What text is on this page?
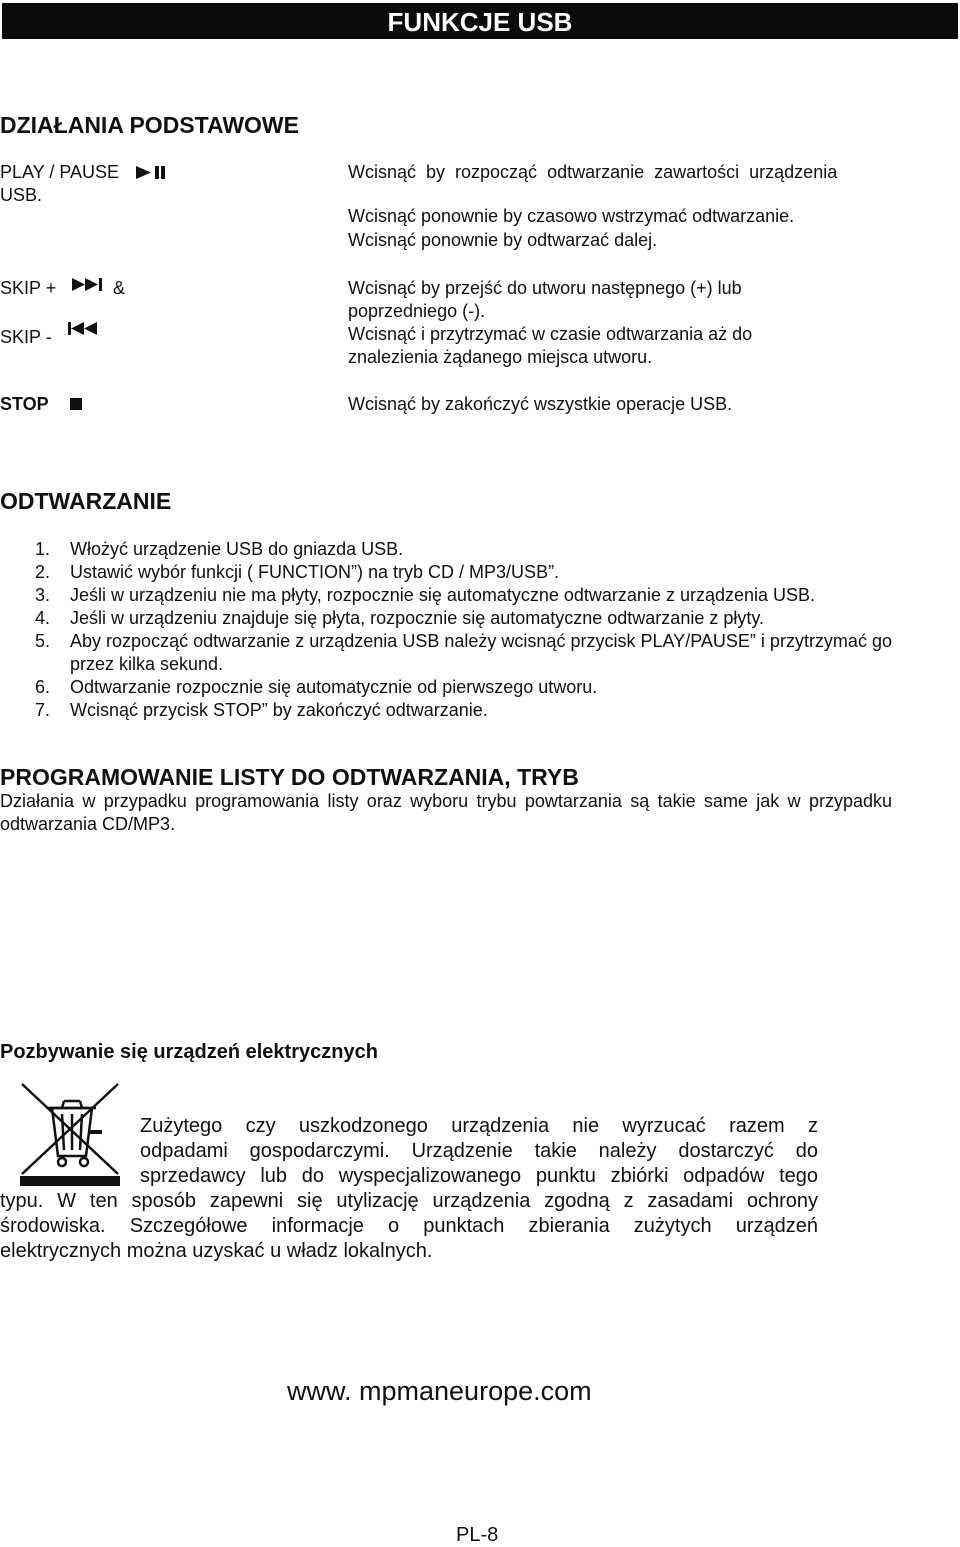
FUNKCJE USB
DZIAŁANIA PODSTAWOWE
PLAY / PAUSE
USB.
Wcisnąć  by  rozpocząć  odtwarzanie  zawartości  urządzenia
Wcisnąć ponownie by czasowo wstrzymać odtwarzanie.
Wcisnąć ponownie by odtwarzać dalej.
SKIP +	&
SKIP -
Wcisnąć by przejść do utworu następnego (+) lub
poprzedniego (-).
Wcisnąć i przytrzymać w czasie odtwarzania aż do
znalezienia żądanego miejsca utworu.
STOP	Wcisnąć by zakończyć wszystkie operacje USB.
ODTWARZANIE
1. Włożyć urządzenie USB do gniazda USB.
2. Ustawić wybór funkcji ( FUNCTION”) na tryb CD / MP3/USB”.
3. Jeśli w urządzeniu nie ma płyty, rozpocznie się automatyczne odtwarzanie z urządzenia USB.
4. Jeśli w urządzeniu znajduje się płyta, rozpocznie się automatyczne odtwarzanie z płyty.
5. Aby rozpocząć odtwarzanie z urządzenia USB należy wcisnąć przycisk PLAY/PAUSE” i przytrzymać go przez kilka sekund.
6. Odtwarzanie rozpocznie się automatycznie od pierwszego utworu.
7. Wcisnąć przycisk STOP” by zakończyć odtwarzanie.
PROGRAMOWANIE LISTY DO ODTWARZANIA, TRYB
Działania w przypadku programowania listy oraz wyboru trybu powtarzania są takie same jak w przypadku odtwarzania CD/MP3.
Pozbywanie się urządzeń elektrycznych
Zużytego czy uszkodzonego urządzenia nie wyrzucać razem z
odpadami gospodarczymi. Urządzenie takie należy dostarczyć do
sprzedawcy lub do wyspecjalizowanego punktu zbiórki odpadów tego
typu. W ten sposób zapewni się utylizację urządzenia zgodną z zasadami ochrony
środowiska. Szczegółowe informacje o punktach zbierania zużytych urządzeń
elektrycznych można uzyskać u władz lokalnych.
www. mpmaneurope.com
PL-8
